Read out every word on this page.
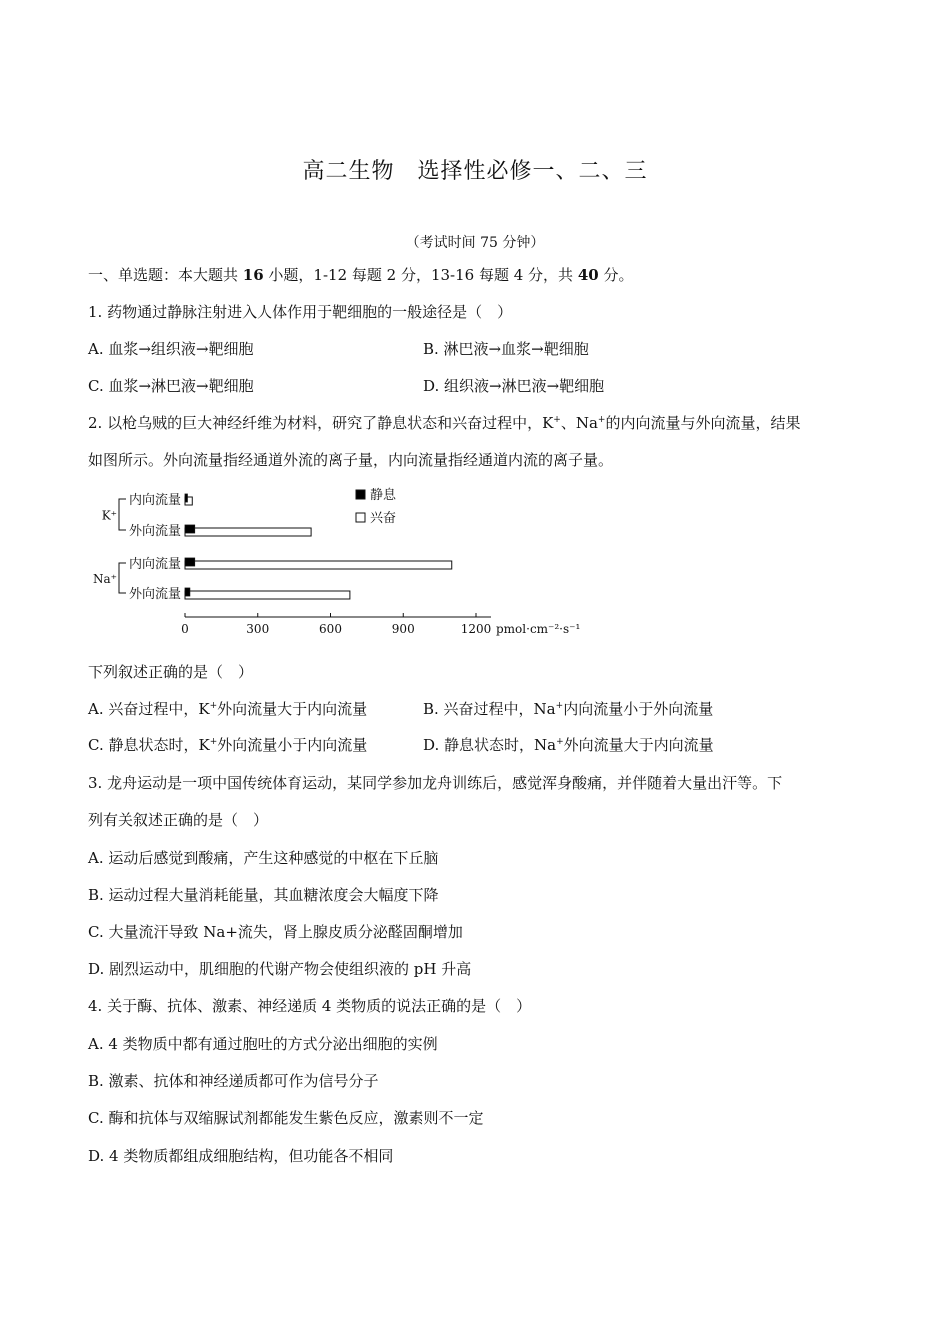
高二生物　选择性必修一、二、三
（考试时间 75 分钟）
一、单选题：本大题共 16 小题，1-12 每题 2 分，13-16 每题 4 分，共 40 分。
1. 药物通过静脉注射进入人体作用于靶细胞的一般途径是（　）
A. 血浆→组织液→靶细胞	B. 淋巴液→血浆→靶细胞
C. 血浆→淋巴液→靶细胞	D. 组织液→淋巴液→靶细胞
2. 以枪乌贼的巨大神经纤维为材料，研究了静息状态和兴奋过程中，K+、Na+的内向流量与外向流量，结果
如图所示。外向流量指经通道外流的离子量，内向流量指经通道内流的离子量。
0	300	600	900	1200 pmol·cm⁻²·s⁻¹
内向流量
外向流量
K⁺
内向流量
外向流量
Na⁺
静息
兴奋
下列叙述正确的是（　）
A. 兴奋过程中，K+外向流量大于内向流量	B. 兴奋过程中，Na+内向流量小于外向流量
C. 静息状态时，K+外向流量小于内向流量	D. 静息状态时，Na+外向流量大于内向流量
3. 龙舟运动是一项中国传统体育运动，某同学参加龙舟训练后，感觉浑身酸痛，并伴随着大量出汗等。下
列有关叙述正确的是（　）
A. 运动后感觉到酸痛，产生这种感觉的中枢在下丘脑
B. 运动过程大量消耗能量，其血糖浓度会大幅度下降
C. 大量流汗导致 Na+流失，肾上腺皮质分泌醛固酮增加
D. 剧烈运动中，肌细胞的代谢产物会使组织液的 pH 升高
4. 关于酶、抗体、激素、神经递质 4 类物质的说法正确的是（　）
A. 4 类物质中都有通过胞吐的方式分泌出细胞的实例
B. 激素、抗体和神经递质都可作为信号分子
C. 酶和抗体与双缩脲试剂都能发生紫色反应，激素则不一定
D. 4 类物质都组成细胞结构，但功能各不相同
